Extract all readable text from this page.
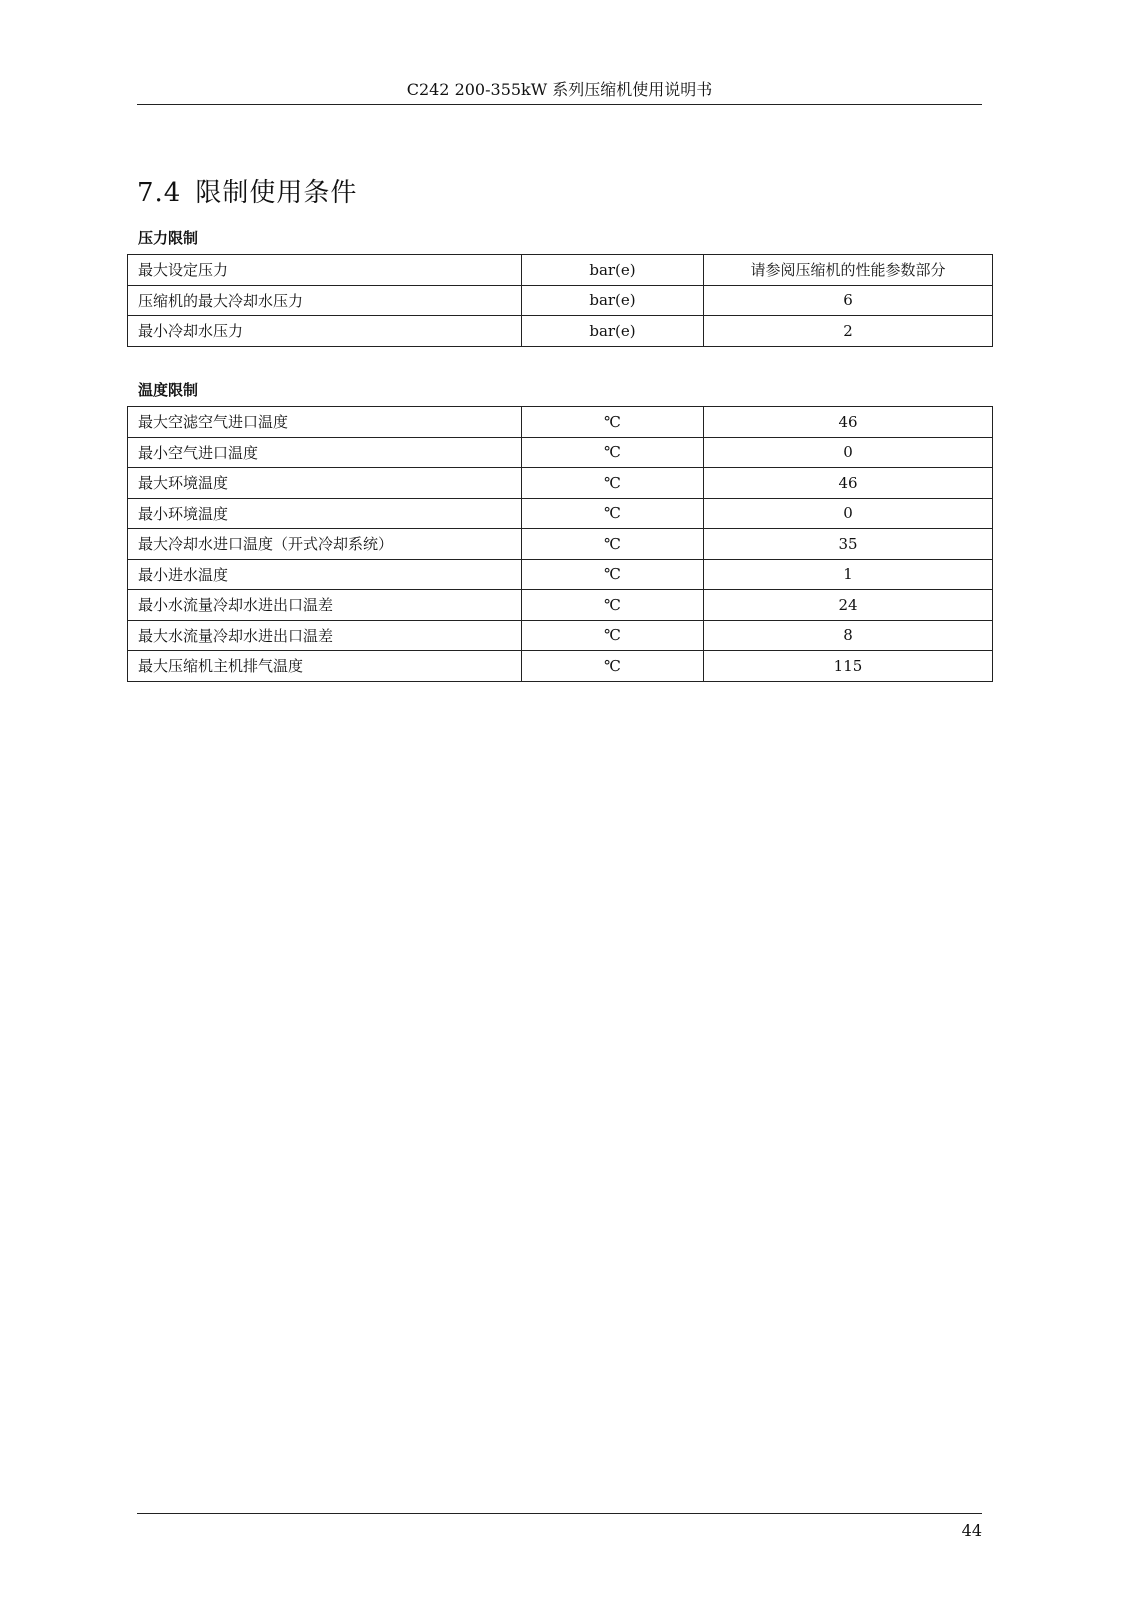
C242 200-355kW 系列压缩机使用说明书
7.4 限制使用条件
压力限制
最大设定压力	bar(e)	请参阅压缩机的性能参数部分
压缩机的最大冷却水压力	bar(e)	6
最小冷却水压力	bar(e)	2
温度限制
最大空滤空气进口温度	℃	46
最小空气进口温度	℃	0
最大环境温度	℃	46
最小环境温度	℃	0
最大冷却水进口温度（开式冷却系统）	℃	35
最小进水温度	℃	1
最小水流量冷却水进出口温差	℃	24
最大水流量冷却水进出口温差	℃	8
最大压缩机主机排气温度	℃	115
44
